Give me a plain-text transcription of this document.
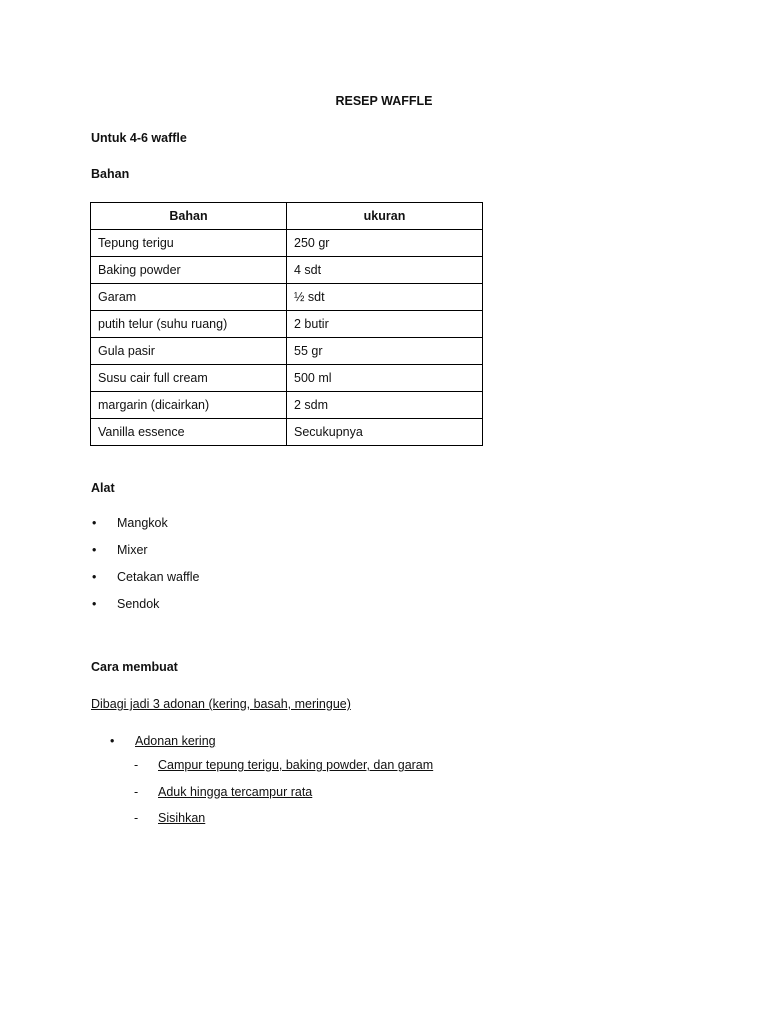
RESEP WAFFLE
Untuk 4-6 waffle
Bahan
Bahan	ukuran
Tepung terigu	250 gr
Baking powder	4 sdt
Garam	½ sdt
putih telur (suhu ruang)	2 butir
Gula pasir	55 gr
Susu cair full cream	500 ml
margarin (dicairkan)	2 sdm
Vanilla essence	Secukupnya
Alat
• Mangkok
• Mixer
• Cetakan waffle
• Sendok
Cara membuat
Dibagi jadi 3 adonan (kering, basah, meringue)
• Adonan kering
- Campur tepung terigu, baking powder, dan garam
- Aduk hingga tercampur rata
- Sisihkan
